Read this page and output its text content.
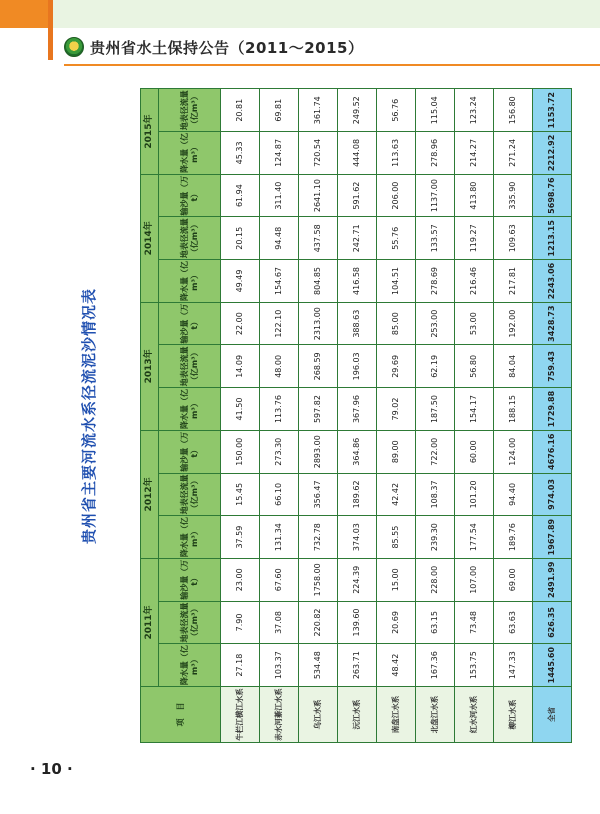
贵州省水土保持公告（2011～2015）
贵州省主要河流水系径流泥沙情况表
项　目	2011年			2012年			2013年			2014年			2015年	
	降水量（亿m³）	地表径流量（亿m³）	输沙量（万t）	降水量（亿m³）	地表径流量（亿m³）	输沙量（万t）	降水量（亿m³）	地表径流量（亿m³）	输沙量（万t）	降水量（亿m³）	地表径流量（亿m³）	输沙量（万t）	降水量（亿m³）	地表径流量（亿m³）
牛栏江横江水系	27.18	7.90	23.00	37.59	15.45	150.00	41.50	14.09	22.00	49.49	20.15	61.94	45.33	20.81
赤水河綦江水系	103.37	37.08	67.60	131.34	66.10	273.30	113.76	48.00	122.10	154.67	94.48	311.40	124.87	69.81
乌江水系	534.48	220.82	1758.00	732.78	356.47	2893.00	597.82	268.59	2313.00	804.85	437.58	2641.10	720.54	361.74
沅江水系	263.71	139.60	224.39	374.03	189.62	364.86	367.96	196.03	388.63	416.58	242.71	591.62	444.08	249.52
南盘江水系	48.42	20.69	15.00	85.55	42.42	89.00	79.02	29.69	85.00	104.51	55.76	206.00	113.63	56.76
北盘江水系	167.36	63.15	228.00	239.30	108.37	722.00	187.50	62.19	253.00	278.69	133.57	1137.00	278.96	115.04
红水河水系	153.75	73.48	107.00	177.54	101.20	60.00	154.17	56.80	53.00	216.46	119.27	413.80	214.27	123.24
柳江水系	147.33	63.63	69.00	189.76	94.40	124.00	188.15	84.04	192.00	217.81	109.63	335.90	271.24	156.80
全省	1445.60	626.35	2491.99	1967.89	974.03	4676.16	1729.88	759.43	3428.73	2243.06	1213.15	5698.76	2212.92	1153.72
· 10 ·
